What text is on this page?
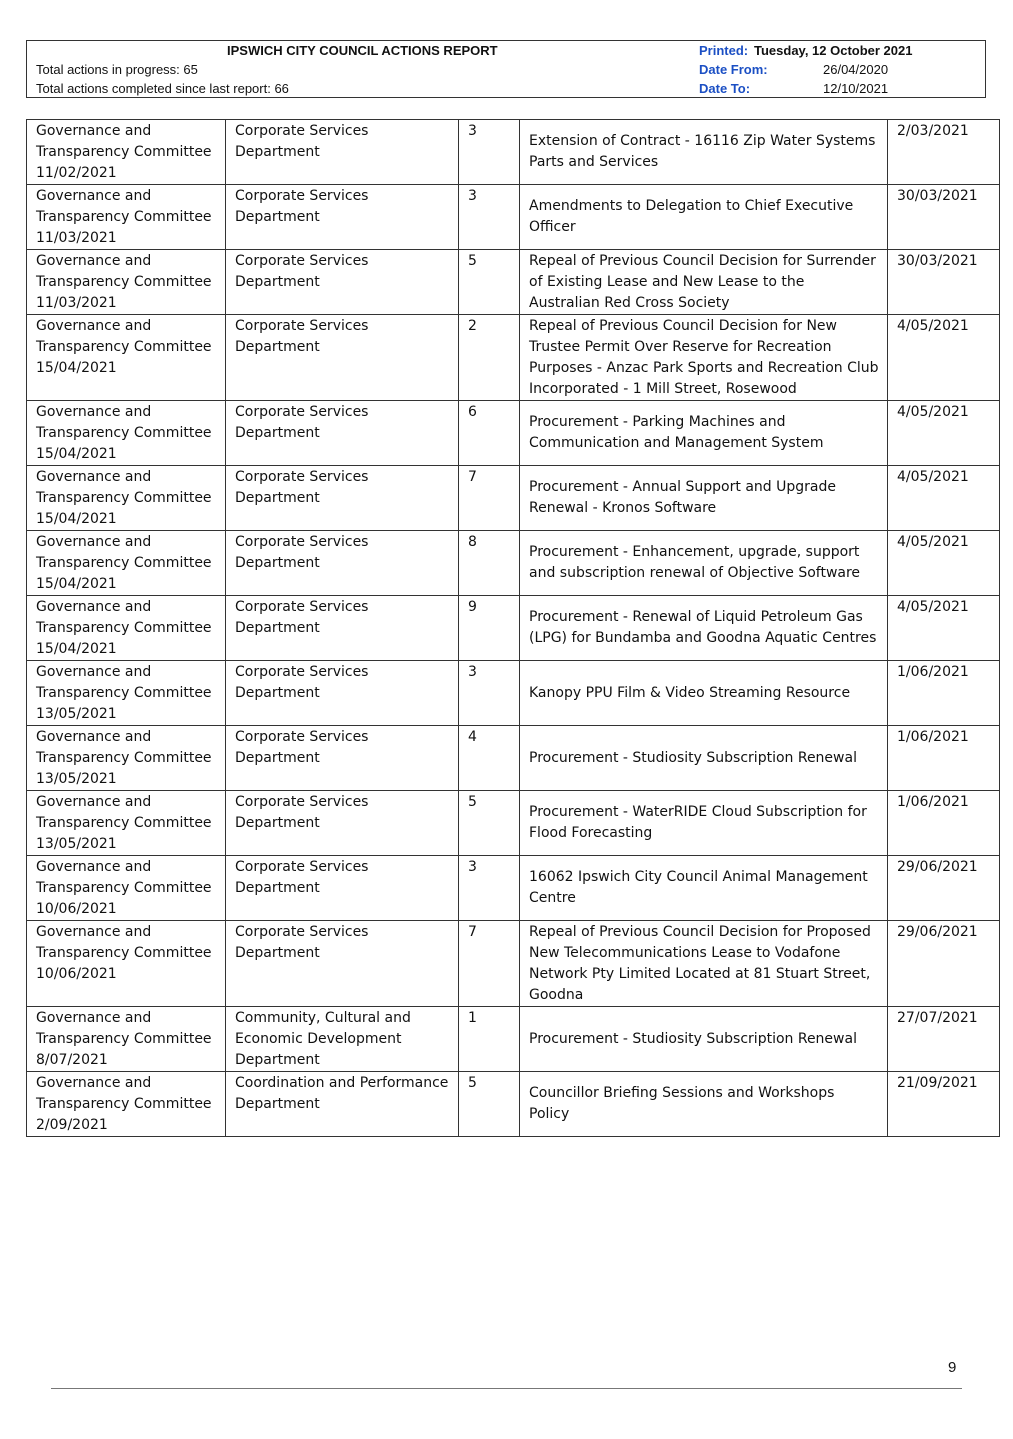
IPSWICH CITY COUNCIL ACTIONS REPORT
Total actions in progress: 65
Total actions completed since last report: 66
Printed: Tuesday, 12 October 2021
Date From:	26/04/2020
Date To:	12/10/2021
Governance and Transparency Committee 11/02/2021	Corporate Services Department	3	Extension of Contract - 16116 Zip Water Systems Parts and Services	2/03/2021
Governance and Transparency Committee 11/03/2021	Corporate Services Department	3	Amendments to Delegation to Chief Executive Officer	30/03/2021
Governance and Transparency Committee 11/03/2021	Corporate Services Department	5	Repeal of Previous Council Decision for Surrender of Existing Lease and New Lease to the Australian Red Cross Society	30/03/2021
Governance and Transparency Committee 15/04/2021	Corporate Services Department	2	Repeal of Previous Council Decision for New Trustee Permit Over Reserve for Recreation Purposes - Anzac Park Sports and Recreation Club Incorporated - 1 Mill Street, Rosewood	4/05/2021
Governance and Transparency Committee 15/04/2021	Corporate Services Department	6	Procurement - Parking Machines and Communication and Management System	4/05/2021
Governance and Transparency Committee 15/04/2021	Corporate Services Department	7	Procurement - Annual Support and Upgrade Renewal - Kronos Software	4/05/2021
Governance and Transparency Committee 15/04/2021	Corporate Services Department	8	Procurement - Enhancement, upgrade, support and subscription renewal of Objective Software	4/05/2021
Governance and Transparency Committee 15/04/2021	Corporate Services Department	9	Procurement - Renewal of Liquid Petroleum Gas (LPG) for Bundamba and Goodna Aquatic Centres	4/05/2021
Governance and Transparency Committee 13/05/2021	Corporate Services Department	3	Kanopy PPU Film & Video Streaming Resource	1/06/2021
Governance and Transparency Committee 13/05/2021	Corporate Services Department	4	Procurement - Studiosity Subscription Renewal	1/06/2021
Governance and Transparency Committee 13/05/2021	Corporate Services Department	5	Procurement - WaterRIDE Cloud Subscription for Flood Forecasting	1/06/2021
Governance and Transparency Committee 10/06/2021	Corporate Services Department	3	16062 Ipswich City Council Animal Management Centre	29/06/2021
Governance and Transparency Committee 10/06/2021	Corporate Services Department	7	Repeal of Previous Council Decision for Proposed New Telecommunications Lease to Vodafone Network Pty Limited Located at 81 Stuart Street, Goodna	29/06/2021
Governance and Transparency Committee 8/07/2021	Community, Cultural and Economic Development Department	1	Procurement - Studiosity Subscription Renewal	27/07/2021
Governance and Transparency Committee 2/09/2021	Coordination and Performance Department	5	Councillor Briefing Sessions and Workshops Policy	21/09/2021
9
